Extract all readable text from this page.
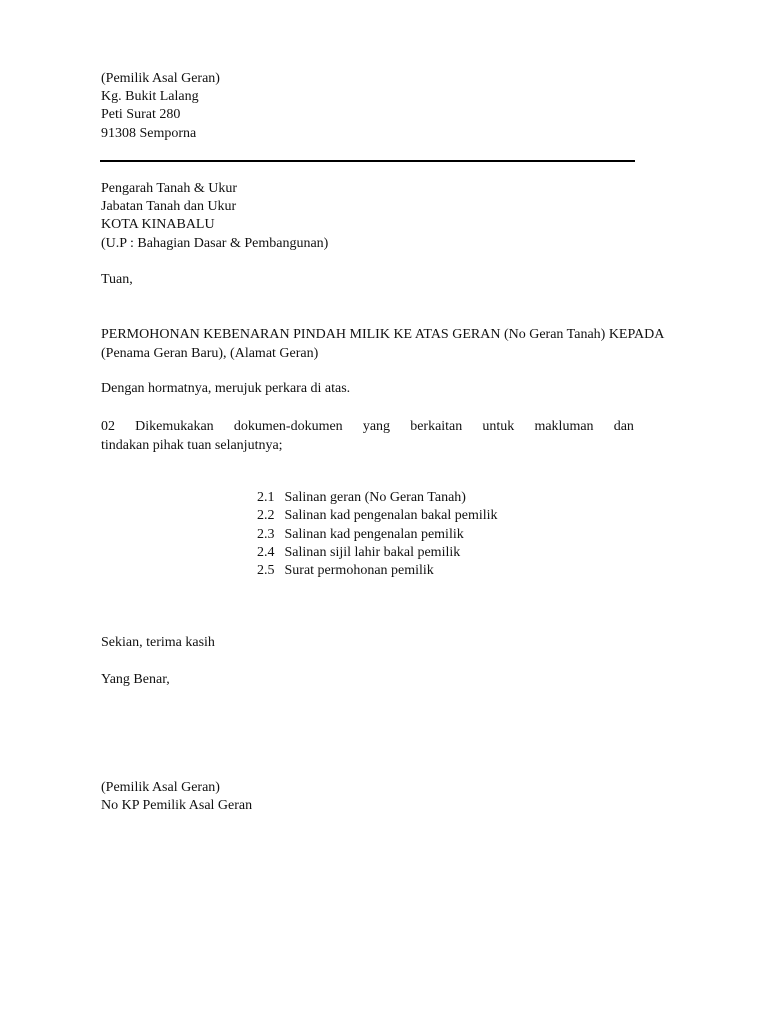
(Pemilik Asal Geran)
Kg. Bukit Lalang
Peti Surat 280
91308 Semporna
Pengarah Tanah & Ukur
Jabatan Tanah dan Ukur
KOTA KINABALU
(U.P : Bahagian Dasar & Pembangunan)
Tuan,
PERMOHONAN KEBENARAN PINDAH MILIK KE ATAS GERAN (No Geran Tanah) KEPADA
(Penama Geran Baru), (Alamat Geran)
Dengan hormatnya, merujuk perkara di atas.
02 Dikemukakan dokumen-dokumen yang berkaitan untuk makluman dan
tindakan pihak tuan selanjutnya;
2.1 Salinan geran (No Geran Tanah)
2.2 Salinan kad pengenalan bakal pemilik
2.3 Salinan kad pengenalan pemilik
2.4 Salinan sijil lahir bakal pemilik
2.5 Surat permohonan pemilik
Sekian, terima kasih
Yang Benar,
(Pemilik Asal Geran)
No KP Pemilik Asal Geran
